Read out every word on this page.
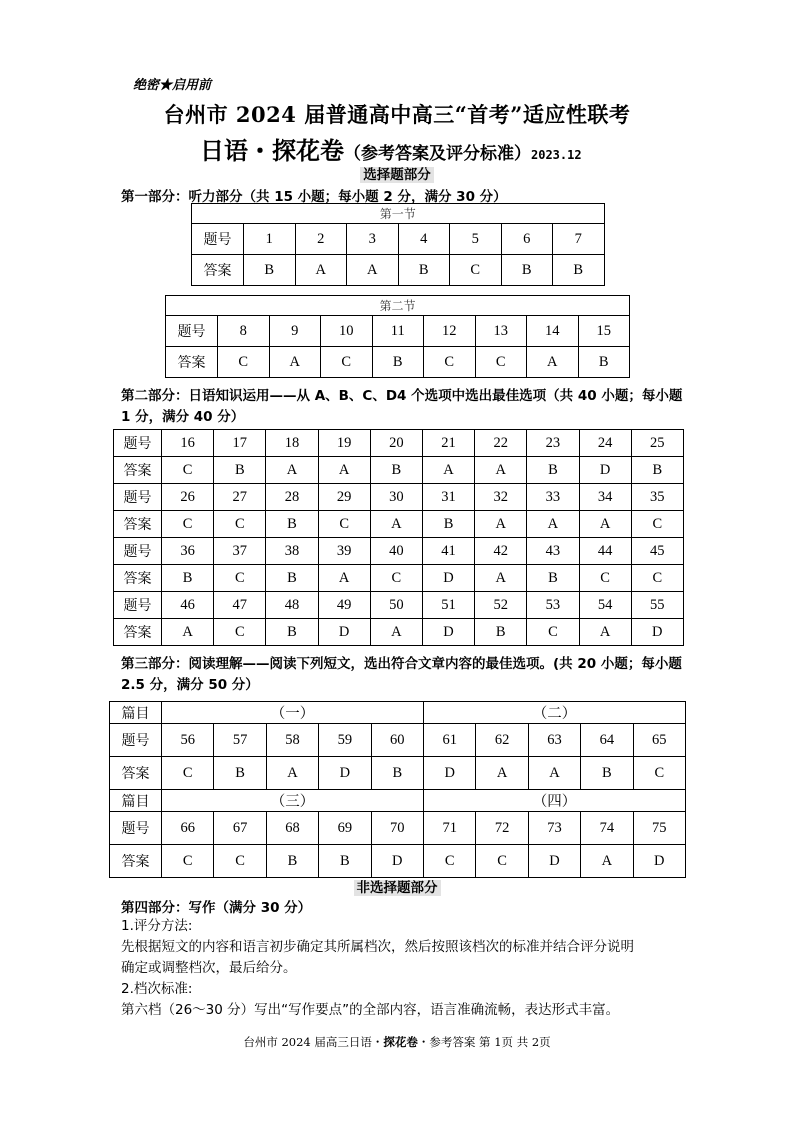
绝密★启用前
台州市 2024 届普通高中高三“首考”适应性联考
日语・探花卷（参考答案及评分标准）2023.12
选择题部分
第一部分：听力部分（共 15 小题；每小题 2 分，满分 30 分）
第一节							
题号	1	2	3	4	5	6	7
答案	B	A	A	B	C	B	B
第二节								
题号	8	9	10	11	12	13	14	15
答案	C	A	C	B	C	C	A	B
第二部分：日语知识运用——从 A、B、C、D4 个选项中选出最佳选项（共 40 小题；每小题 1 分，满分 40 分）
题号	16	17	18	19	20	21	22	23	24	25
答案	C	B	A	A	B	A	A	B	D	B
题号	26	27	28	29	30	31	32	33	34	35
答案	C	C	B	C	A	B	A	A	A	C
题号	36	37	38	39	40	41	42	43	44	45
答案	B	C	B	A	C	D	A	B	C	C
题号	46	47	48	49	50	51	52	53	54	55
答案	A	C	B	D	A	D	B	C	A	D
第三部分：阅读理解——阅读下列短文，选出符合文章内容的最佳选项。(共 20 小题；每小题 2.5 分，满分 50 分）
篇目	（一）					（二）				
题号	56	57	58	59	60	61	62	63	64	65
答案	C	B	A	D	B	D	A	A	B	C
篇目	（三）					（四）				
题号	66	67	68	69	70	71	72	73	74	75
答案	C	C	B	B	D	C	C	D	A	D
非选择题部分
第四部分：写作（满分 30 分）
1.评分方法:
先根据短文的内容和语言初步确定其所属档次，然后按照该档次的标准并结合评分说明
确定或调整档次，最后给分。
2.档次标准:
第六档（26～30 分）写出“写作要点”的全部内容，语言准确流畅，表达形式丰富。
台州市 2024 届高三日语・探花卷・参考答案 第 1页 共 2页
